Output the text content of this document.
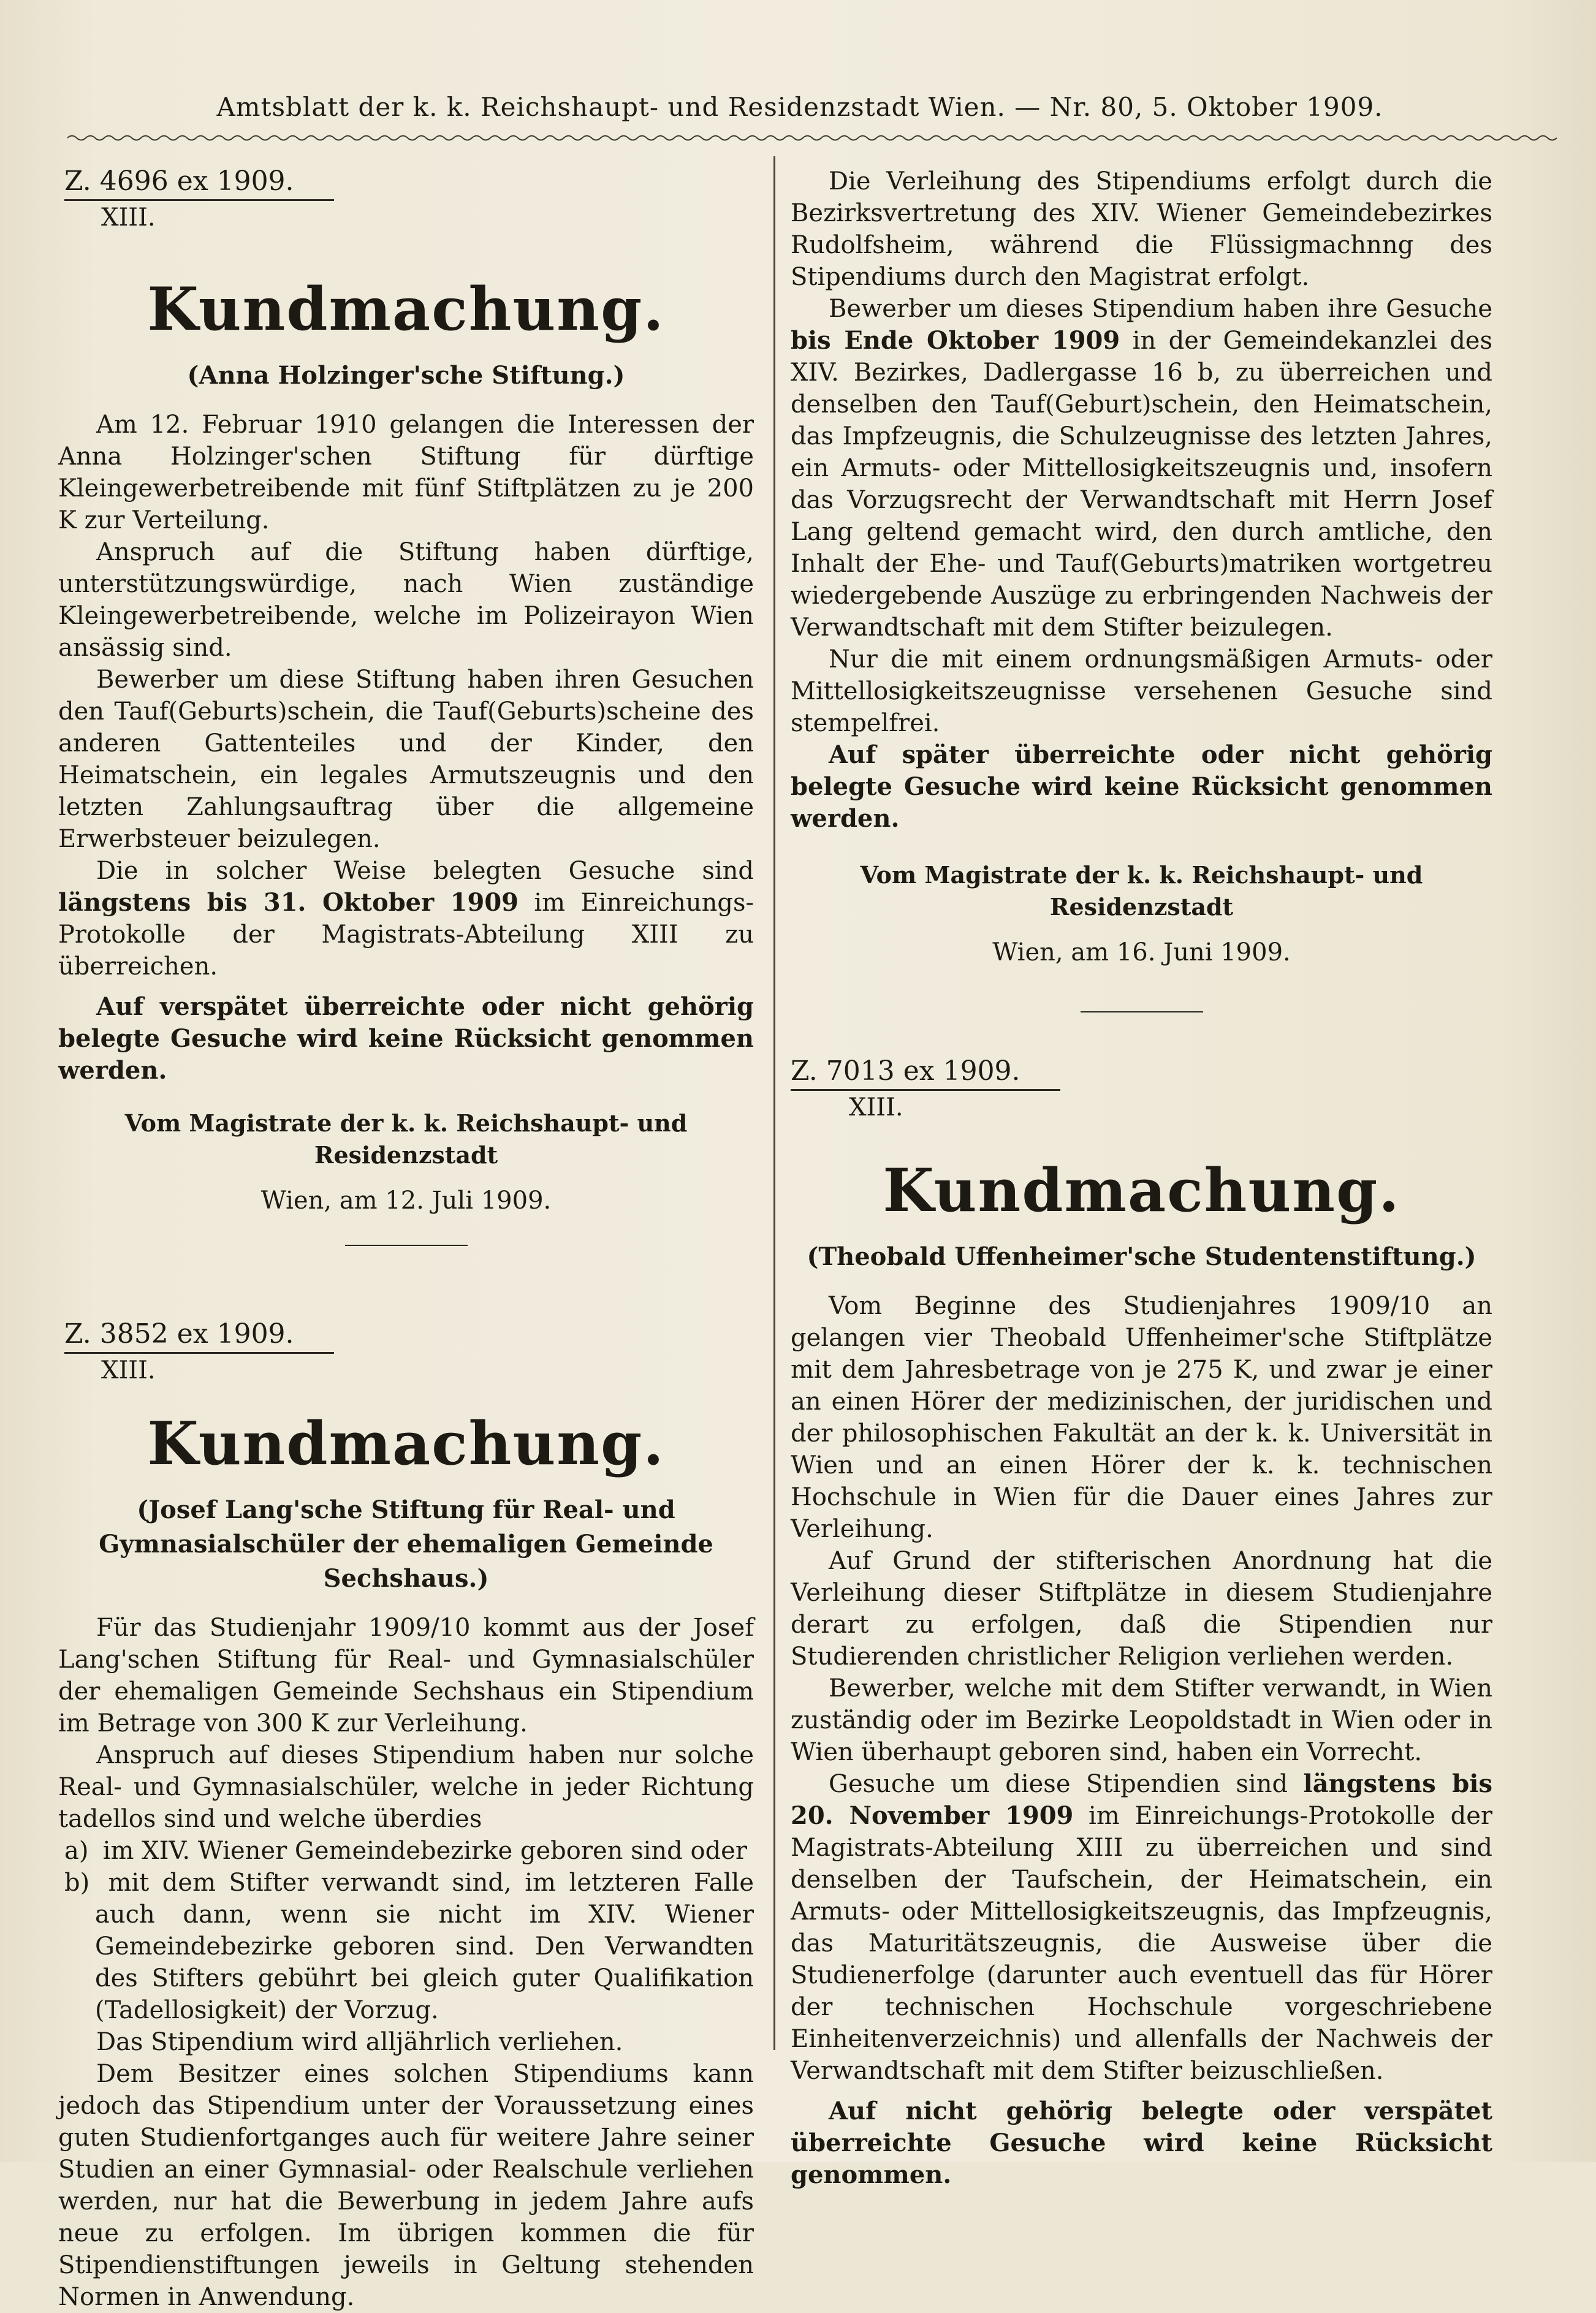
Amtsblatt der k. k. Reichshaupt- und Residenzstadt Wien. — Nr. 80, 5. Oktober 1909.
Z. 4696 ex 1909.
XIII.
Kundmachung.
(Anna Holzinger'sche Stiftung.)

Am 12. Februar 1910 gelangen die Interessen der Anna Holzinger'schen Stiftung für dürftige Kleingewerbetreibende mit fünf Stiftplätzen zu je 200 K zur Verteilung.

Anspruch auf die Stiftung haben dürftige, unterstützungswürdige, nach Wien zuständige Kleingewerbetreibende, welche im Polizeirayon Wien ansässig sind.

Bewerber um diese Stiftung haben ihren Gesuchen den Tauf(Geburts)schein, die Tauf(Geburts)scheine des anderen Gattenteiles und der Kinder, den Heimatschein, ein legales Armutszeugnis und den letzten Zahlungsauftrag über die allgemeine Erwerbsteuer beizulegen.

Die in solcher Weise belegten Gesuche sind längstens bis 31. Oktober 1909 im Einreichungs-Protokolle der Magistrats-Abteilung XIII zu überreichen.

Auf verspätet überreichte oder nicht gehörig belegte Gesuche wird keine Rücksicht genommen werden.

Vom Magistrate der k. k. Reichshaupt- und Residenzstadt
Wien, am 12. Juli 1909.
Z. 3852 ex 1909.
XIII.
Kundmachung.
(Josef Lang'sche Stiftung für Real- und Gymnasialschüler der ehemaligen Gemeinde Sechshaus.)

Für das Studienjahr 1909/10 kommt aus der Josef Lang'schen Stiftung für Real- und Gymnasialschüler der ehemaligen Gemeinde Sechshaus ein Stipendium im Betrage von 300 K zur Verleihung.

Anspruch auf dieses Stipendium haben nur solche Real- und Gymnasialschüler, welche in jeder Richtung tadellos sind und welche überdies

a) im XIV. Wiener Gemeindebezirke geboren sind oder
b) mit dem Stifter verwandt sind, im letzteren Falle auch dann, wenn sie nicht im XIV. Wiener Gemeindebezirke geboren sind. Den Verwandten des Stifters gebührt bei gleich guter Qualifikation (Tadellosigkeit) der Vorzug.

Das Stipendium wird alljährlich verliehen.

Dem Besitzer eines solchen Stipendiums kann jedoch das Stipendium unter der Voraussetzung eines guten Studienfortganges auch für weitere Jahre seiner Studien an einer Gymnasial- oder Realschule verliehen werden, nur hat die Bewerbung in jedem Jahre aufs neue zu erfolgen. Im übrigen kommen die für Stipendienstiftungen jeweils in Geltung stehenden Normen in Anwendung.

Die Verleihung des Stipendiums erfolgt durch die Bezirksvertretung des XIV. Wiener Gemeindebezirkes Rudolfsheim, während die Flüssigmachnng des Stipendiums durch den Magistrat erfolgt.

Bewerber um dieses Stipendium haben ihre Gesuche bis Ende Oktober 1909 in der Gemeindekanzlei des XIV. Bezirkes, Dadlergasse 16 b, zu überreichen und denselben den Tauf(Geburt)schein, den Heimatschein, das Impfzeugnis, die Schulzeugnisse des letzten Jahres, ein Armuts- oder Mittellosigkeitszeugnis und, insofern das Vorzugsrecht der Verwandtschaft mit Herrn Josef Lang geltend gemacht wird, den durch amtliche, den Inhalt der Ehe- und Tauf(Geburts)matriken wortgetreu wiedergebende Auszüge zu erbringenden Nachweis der Verwandtschaft mit dem Stifter beizulegen.

Nur die mit einem ordnungsmäßigen Armuts- oder Mittellosigkeitszeugnisse versehenen Gesuche sind stempelfrei.

Auf später überreichte oder nicht gehörig belegte Gesuche wird keine Rücksicht genommen werden.

Vom Magistrate der k. k. Reichshaupt- und Residenzstadt
Wien, am 16. Juni 1909.
Z. 7013 ex 1909.
XIII.
Kundmachung.
(Theobald Uffenheimer'sche Studentenstiftung.)

Vom Beginne des Studienjahres 1909/10 an gelangen vier Theobald Uffenheimer'sche Stiftplätze mit dem Jahresbetrage von je 275 K, und zwar je einer an einen Hörer der medizinischen, der juridischen und der philosophischen Fakultät an der k. k. Universität in Wien und an einen Hörer der k. k. technischen Hochschule in Wien für die Dauer eines Jahres zur Verleihung.

Auf Grund der stifterischen Anordnung hat die Verleihung dieser Stiftplätze in diesem Studienjahre derart zu erfolgen, daß die Stipendien nur Studierenden christlicher Religion verliehen werden.

Bewerber, welche mit dem Stifter verwandt, in Wien zuständig oder im Bezirke Leopoldstadt in Wien oder in Wien überhaupt geboren sind, haben ein Vorrecht.

Gesuche um diese Stipendien sind längstens bis 20. November 1909 im Einreichungs-Protokolle der Magistrats-Abteilung XIII zu überreichen und sind denselben der Taufschein, der Heimatschein, ein Armuts- oder Mittellosigkeitszeugnis, das Impfzeugnis, das Maturitätszeugnis, die Ausweise über die Studienerfolge (darunter auch eventuell das für Hörer der technischen Hochschule vorgeschriebene Einheitenverzeichnis) und allenfalls der Nachweis der Verwandtschaft mit dem Stifter beizuschließen.

Auf nicht gehörig belegte oder verspätet überreichte Gesuche wird keine Rücksicht genommen.
